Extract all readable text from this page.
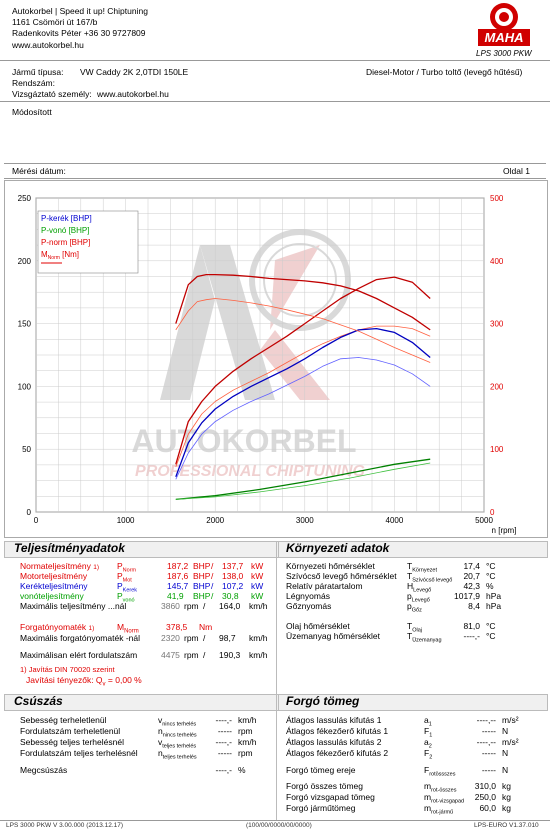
Autokorbel | Speed it up! Chiptuning
1161 Csömöri út 167/b
Radenkovits Péter +36 30 9727809
www.autokorbel.hu	MAHA
LPS 3000 PKW
Jármű típusa: VW Caddy 2K 2,0TDI 150LE	Diesel-Motor / Turbo toltő (levegő hűtésű)
Rendszám:
Vizsgáztató személy: www.autokorbel.hu
Módosított
Mérési dátum:	Oldal 1
AUTOKORBEL
PROFESSIONAL CHIPTUNING
0	1000	2000	3000	4000	5000
n [rpm]
0
50
100
150
200
250
0
100
200
300
400
500
P-kerék [BHP]
P-vonó [BHP]
P-norm [BHP]
$M_{Norm}$ [Nm]
Teljesítményadatok
Normateljesítmény 1) $P_{Norm}$	187,2 BHP / 137,7 kW
Motorteljesítmény	$P_{Mot}$	187,6 BHP / 138,0 kW
Kerékteljesítmény	$P_{Kerek}$	145,7 BHP / 107,2 kW
vonóteljesítmény	$P_{vonó}$	41,9 BHP / 30,8 kW
Maximális teljesítmény ...nál	3860 rpm / 164,0 km/h
Forgatónyomaték 1)	$M_{Norm}$	378,5 Nm
Maximális forgatónyomaték -nál 2320 rpm / 98,7 km/h
Maximálisan elért fordulatszám	4475 rpm / 190,3 km/h
1) Javítás DIN 70020 szerint
Javítási tényezők: $Q_v = 0,00$ %
Környezeti adatok
Környezeti hőmérséklet	$T_{Környezet}$	17,4 °C
Szívócső levegő hőmérséklet $T_{Szívócső levegő}$	20,7 °C
Relatív páratartalom	$H_{Levegő}$	42,3 %
Légnyomás	$p_{Levegő}$	1017,9 hPa
Gőznyomás	$p_{Gőz}$	8,4 hPa
Olaj hőmérséklet	$T_{Olaj}$	81,0 °C
Üzemanyag hőmérséklet	$T_{Üzemanyag}$	----,- °C
Csúszás
Sebesség terheletlenül	$v_{nincs terhelés}$	----,- km/h
Fordulatszám terheletlenül	$n_{nincs terhelés}$	----- rpm
Sebesség teljes terhelésnél	$v_{teljes terhelés}$	----,- km/h
Fordulatszám teljes terhelésnél $n_{teljes terhelés}$	----- rpm
Megcsúszás	----,- %
Forgó tömeg
Átlagos lassulás kifutás 1	$a_1$	----,-- m/s²
Átlagos fékezőerő kifutás 1	$F_1$	----- N
Átlagos lassulás kifutás 2	$a_2$	----,-- m/s²
Átlagos fékezőerő kifutás 2	$F_2$	----- N
Forgó tömeg ereje	$F_{rotössszes}$	----- N
Forgó összes tömeg	$m_{rot-összes}$	310,0 kg
Forgó vizsgapad tömeg	$m_{rot-vizsgapad}$	250,0 kg
Forgó járműtömeg	$m_{rot-jármű}$	60,0 kg
LPS 3000 PKW V 3.00.000 (2013.12.17)	(100/00/0000/00/0000)	LPS-EURO V1.37.010
